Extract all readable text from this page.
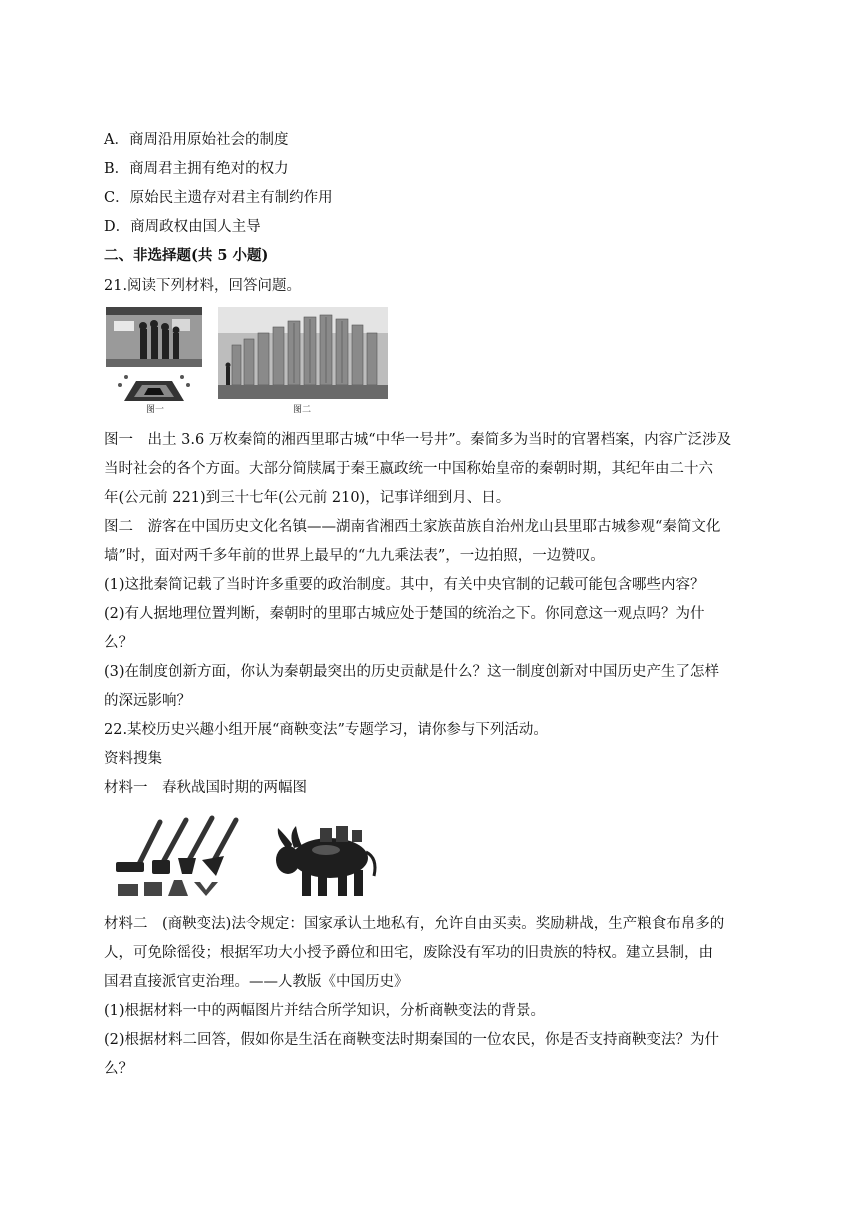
A．商周沿用原始社会的制度
B．商周君主拥有绝对的权力
C．原始民主遗存对君主有制约作用
D．商周政权由国人主导
二、非选择题(共 5 小题)
21.阅读下列材料，回答问题。
图一	图二
图一　出土 3.6 万枚秦简的湘西里耶古城“中华一号井”。秦简多为当时的官署档案，内容广泛涉及
当时社会的各个方面。大部分简牍属于秦王嬴政统一中国称始皇帝的秦朝时期，其纪年由二十六
年(公元前 221)到三十七年(公元前 210)，记事详细到月、日。
图二　游客在中国历史文化名镇——湖南省湘西土家族苗族自治州龙山县里耶古城参观“秦简文化
墙”时，面对两千多年前的世界上最早的“九九乘法表”，一边拍照，一边赞叹。
(1)这批秦简记载了当时许多重要的政治制度。其中，有关中央官制的记载可能包含哪些内容？
(2)有人据地理位置判断，秦朝时的里耶古城应处于楚国的统治之下。你同意这一观点吗？为什
么？
(3)在制度创新方面，你认为秦朝最突出的历史贡献是什么？这一制度创新对中国历史产生了怎样
的深远影响？
22.某校历史兴趣小组开展“商鞅变法”专题学习，请你参与下列活动。
资料搜集
材料一　春秋战国时期的两幅图
材料二　(商鞅变法)法令规定：国家承认土地私有，允许自由买卖。奖励耕战，生产粮食布帛多的
人，可免除徭役；根据军功大小授予爵位和田宅，废除没有军功的旧贵族的特权。建立县制，由
国君直接派官吏治理。——人教版《中国历史》
(1)根据材料一中的两幅图片并结合所学知识，分析商鞅变法的背景。
(2)根据材料二回答，假如你是生活在商鞅变法时期秦国的一位农民，你是否支持商鞅变法？为什
么？
